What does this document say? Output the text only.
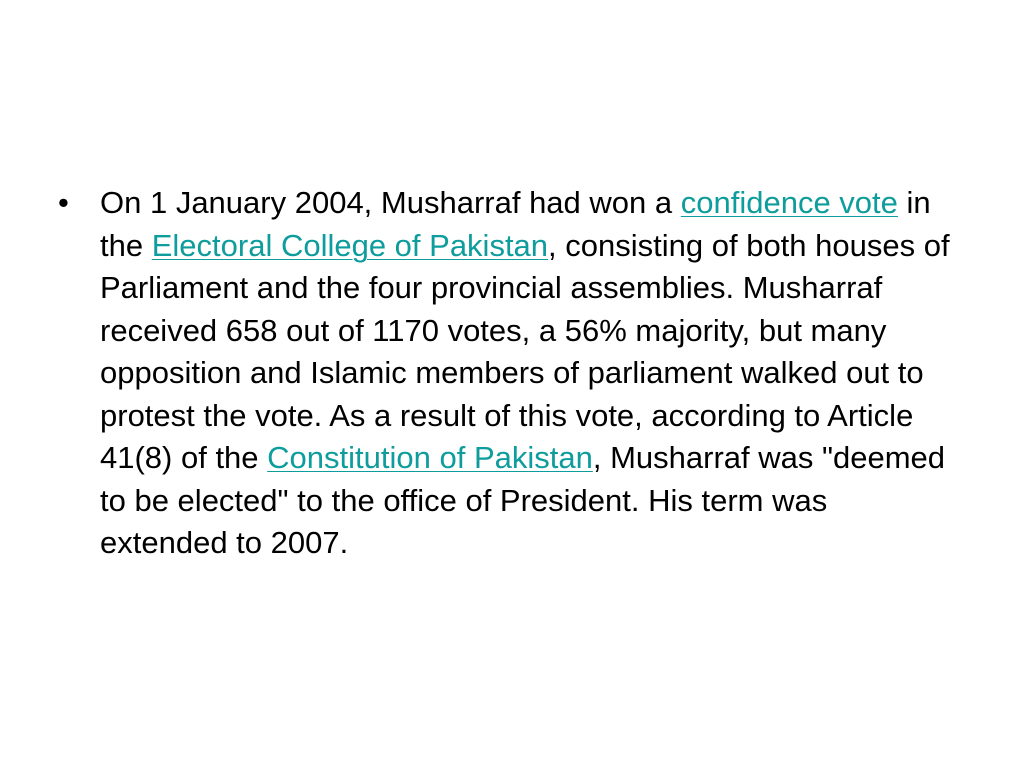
•	On 1 January 2004, Musharraf had won a confidence vote in the Electoral College of Pakistan, consisting of both houses of Parliament and the four provincial assemblies. Musharraf received 658 out of 1170 votes, a 56% majority, but many opposition and Islamic members of parliament walked out to protest the vote. As a result of this vote, according to Article 41(8) of the Constitution of Pakistan, Musharraf was "deemed to be elected" to the office of President. His term was extended to 2007.
